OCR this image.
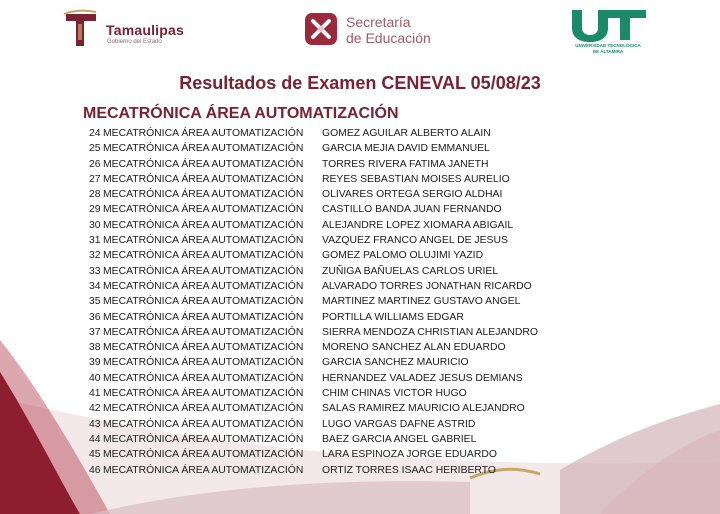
Tamaulipas
Gobierno del Estado
Secretaría
de Educación	UNIVERSIDAD TECNOLÓGICA
DE ALTAMIRA
Resultados de Examen CENEVAL 05/08/23
MECATRÓNICA ÁREA AUTOMATIZACIÓN
24 MECATRÓNICA ÁREA AUTOMATIZACIÓN GOMEZ AGUILAR ALBERTO ALAIN
25 MECATRÓNICA ÁREA AUTOMATIZACIÓN GARCIA MEJIA DAVID EMMANUEL
26 MECATRÓNICA ÁREA AUTOMATIZACIÓN TORRES RIVERA FATIMA JANETH
27 MECATRÓNICA ÁREA AUTOMATIZACIÓN REYES SEBASTIAN MOISES AURELIO
28 MECATRÓNICA ÁREA AUTOMATIZACIÓN OLIVARES ORTEGA SERGIO ALDHAI
29 MECATRÓNICA ÁREA AUTOMATIZACIÓN CASTILLO BANDA JUAN FERNANDO
30 MECATRÓNICA ÁREA AUTOMATIZACIÓN ALEJANDRE LOPEZ XIOMARA ABIGAIL
31 MECATRÓNICA ÁREA AUTOMATIZACIÓN VAZQUEZ FRANCO ANGEL DE JESUS
32 MECATRÓNICA ÁREA AUTOMATIZACIÓN GOMEZ PALOMO OLUJIMI YAZID
33 MECATRÓNICA ÁREA AUTOMATIZACIÓN ZUÑIGA BAÑUELAS CARLOS URIEL
34 MECATRÓNICA ÁREA AUTOMATIZACIÓN ALVARADO TORRES JONATHAN RICARDO
35 MECATRÓNICA ÁREA AUTOMATIZACIÓN MARTINEZ MARTINEZ GUSTAVO ANGEL
36 MECATRÓNICA ÁREA AUTOMATIZACIÓN PORTILLA WILLIAMS EDGAR
37 MECATRÓNICA ÁREA AUTOMATIZACIÓN SIERRA MENDOZA CHRISTIAN ALEJANDRO
38 MECATRÓNICA ÁREA AUTOMATIZACIÓN MORENO SANCHEZ ALAN EDUARDO
39 MECATRÓNICA ÁREA AUTOMATIZACIÓN GARCIA SANCHEZ MAURICIO
40 MECATRÓNICA ÁREA AUTOMATIZACIÓN HERNANDEZ VALADEZ JESUS DEMIANS
41 MECATRÓNICA ÁREA AUTOMATIZACIÓN CHIM CHINAS VICTOR HUGO
42 MECATRÓNICA ÁREA AUTOMATIZACIÓN SALAS RAMIREZ MAURICIO ALEJANDRO
43 MECATRÓNICA ÁREA AUTOMATIZACIÓN LUGO VARGAS DAFNE ASTRID
44 MECATRÓNICA ÁREA AUTOMATIZACIÓN BAEZ GARCIA ANGEL GABRIEL
45 MECATRÓNICA ÁREA AUTOMATIZACIÓN LARA ESPINOZA JORGE EDUARDO
46 MECATRÓNICA ÁREA AUTOMATIZACIÓN ORTIZ TORRES ISAAC HERIBERTO
